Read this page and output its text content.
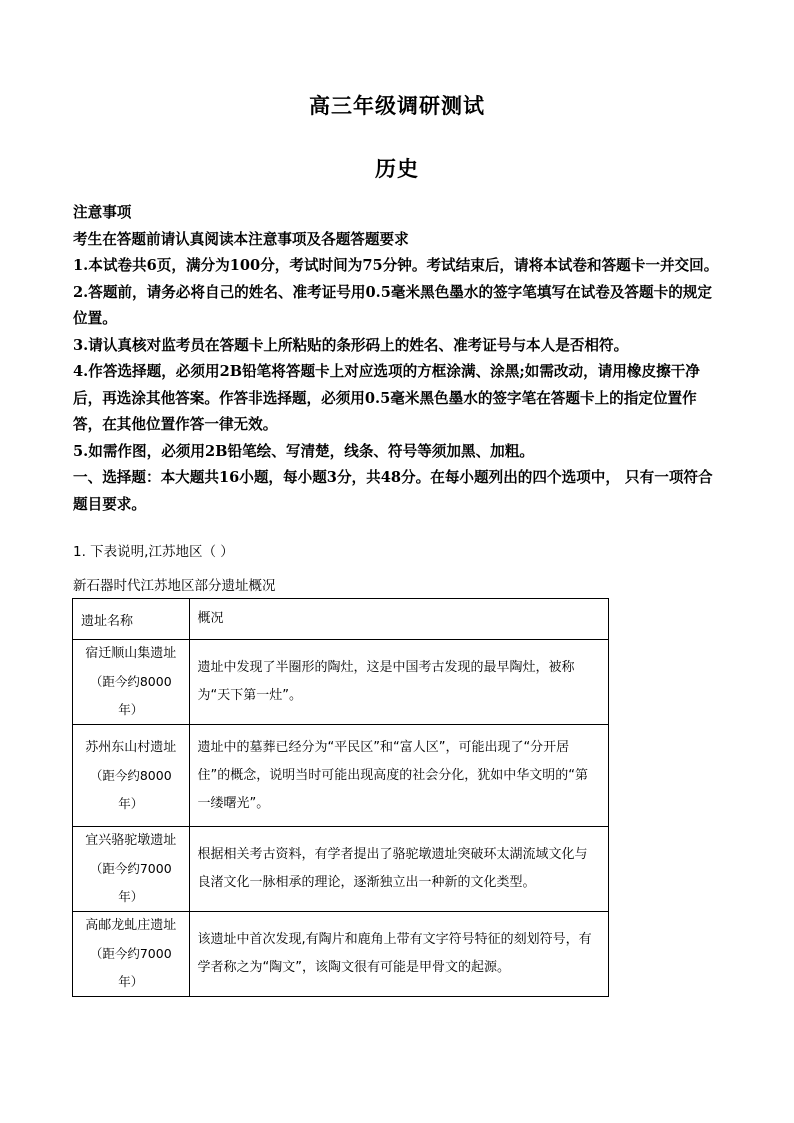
高三年级调研测试
历史

注意事项

考生在答题前请认真阅读本注意事项及各题答题要求

1.本试卷共6页，满分为100分，考试时间为75分钟。考试结束后，请将本试卷和答题卡一并交回。

2.答题前，请务必将自己的姓名、准考证号用0.5毫米黑色墨水的签字笔填写在试卷及答题卡的规定位置。

3.请认真核对监考员在答题卡上所粘贴的条形码上的姓名、准考证号与本人是否相符。

4.作答选择题，必须用2B铅笔将答题卡上对应选项的方框涂满、涂黑;如需改动，请用橡皮擦干净后，再选涂其他答案。作答非选择题，必须用0.5毫米黑色墨水的签字笔在答题卡上的指定位置作答，在其他位置作答一律无效。

5.如需作图，必须用2B铅笔绘、写清楚，线条、符号等须加黑、加粗。

一、选择题：本大题共16小题，每小题3分，共48分。在每小题列出的四个选项中， 只有一项符合题目要求。

1. 下表说明,江苏地区（ ）
新石器时代江苏地区部分遗址概况
遗址名称	概况

宿迁顺山集遗址
（距今约8000年）	遗址中发现了半圈形的陶灶，这是中国考古发现的最早陶灶，被称为“天下第一灶”。

苏州东山村遗址
（距今约8000年）	遗址中的墓葬已经分为“平民区”和“富人区”，可能出现了“分开居住”的概念，说明当时可能出现高度的社会分化，犹如中华文明的“第一缕曙光”。

宜兴骆驼墩遗址
（距今约7000年）	根据相关考古资料，有学者提出了骆驼墩遗址突破环太湖流域文化与良渚文化一脉相承的理论，逐渐独立出一种新的文化类型。

高邮龙虬庄遗址
（距今约7000年）	该遗址中首次发现,有陶片和鹿角上带有文字符号特征的刻划符号，有学者称之为“陶文”，该陶文很有可能是甲骨文的起源。
